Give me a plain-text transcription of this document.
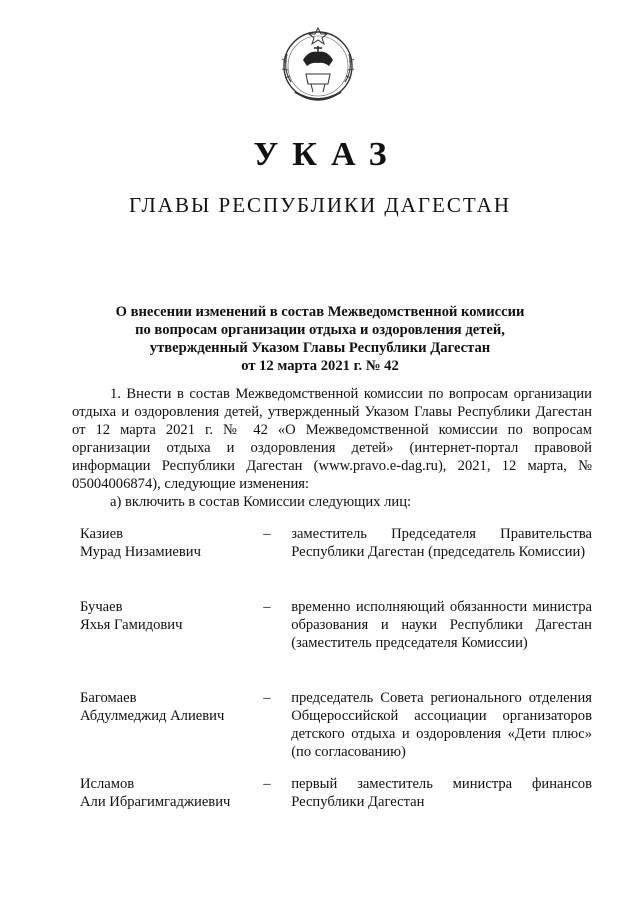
УКАЗ
ГЛАВЫ РЕСПУБЛИКИ ДАГЕСТАН
О внесении изменений в состав Межведомственной комиссии
по вопросам организации отдыха и оздоровления детей,
утвержденный Указом Главы Республики Дагестан
от 12 марта 2021 г. № 42

1. Внести в состав Межведомственной комиссии по вопросам организации отдыха и оздоровления детей, утвержденный Указом Главы Республики Дагестан от 12 марта 2021 г. № 42 «О Межведомственной комиссии по вопросам организации отдыха и оздоровления детей» (интернет-портал правовой информации Республики Дагестан (www.pravo.e-dag.ru), 2021, 12 марта, № 05004006874), следующие изменения:

а) включить в состав Комиссии следующих лиц:

Казиев
Мурад Низамиевич
–	заместитель Председателя Правительства Республики Дагестан (председатель Комиссии)
Бучаев
Яхья Гамидович
–	временно исполняющий обязанности министра образования и науки Республики Дагестан (заместитель председателя Комиссии)
Багомаев
Абдулмеджид Алиевич
–	председатель Совета регионального отделения Общероссийской ассоциации организаторов детского отдыха и оздоровления «Дети плюс» (по согласованию)
Исламов
Али Ибрагимгаджиевич
–	первый заместитель министра финансов Республики Дагестан
